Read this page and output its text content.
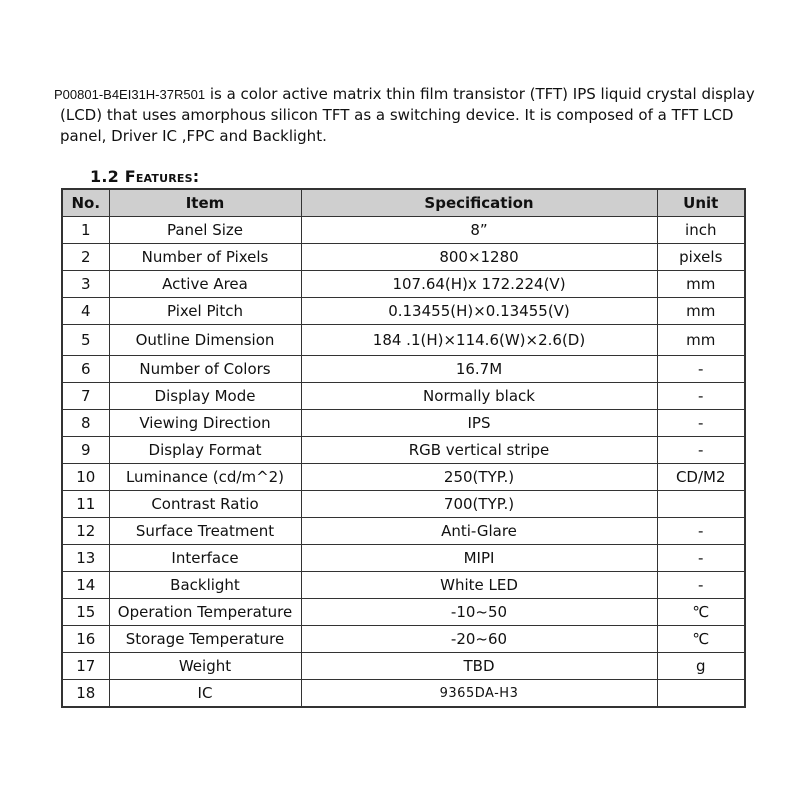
P00801-B4EI31H-37R501 is a color active matrix thin film transistor (TFT) IPS liquid crystal display
(LCD) that uses amorphous silicon TFT as a switching device. It is composed of a TFT LCD
panel, Driver IC ,FPC and Backlight.
1.2 Features:
No.	Item	Specification	Unit
1	Panel Size	8”	inch
2	Number of Pixels	800×1280	pixels
3	Active Area	107.64(H)x 172.224(V)	mm
4	Pixel Pitch	0.13455(H)×0.13455(V)	mm
5	Outline Dimension	184 .1(H)×114.6(W)×2.6(D)	mm
6	Number of Colors	16.7M	-
7	Display Mode	Normally black	-
8	Viewing Direction	IPS	-
9	Display Format	RGB vertical stripe	-
10	Luminance (cd/m^2)	250(TYP.)	CD/M2
11	Contrast Ratio	700(TYP.)	
12	Surface Treatment	Anti-Glare	-
13	Interface	MIPI	-
14	Backlight	White LED	-
15	Operation Temperature	-10~50	℃
16	Storage Temperature	-20~60	℃
17	Weight	TBD	g
18	IC	9365DA-H3	
